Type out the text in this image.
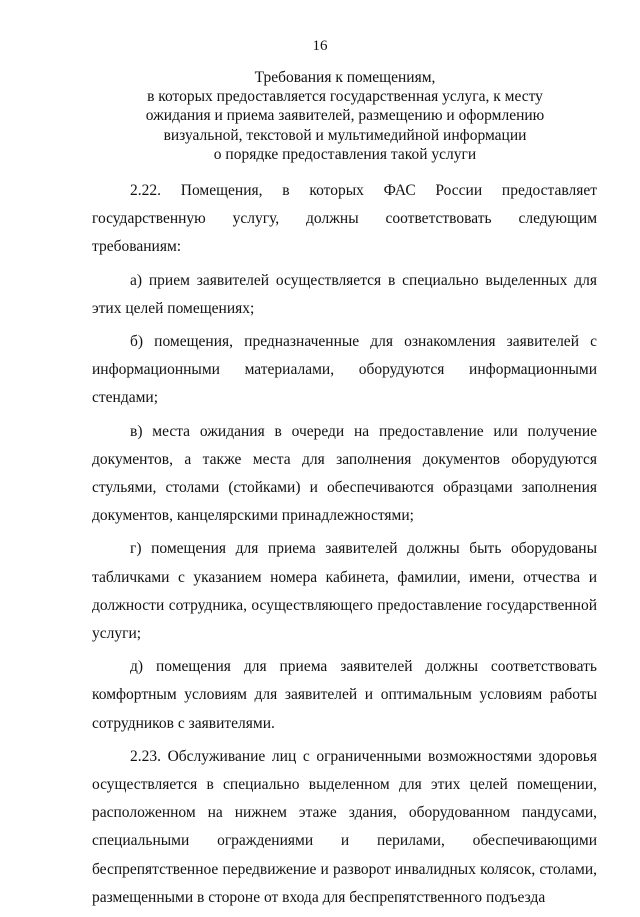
16
Требования к помещениям,
в которых предоставляется государственная услуга, к месту
ожидания и приема заявителей, размещению и оформлению
визуальной, текстовой и мультимедийной информации
о порядке предоставления такой услуги

2.22. Помещения, в которых ФАС России предоставляет государственную услугу, должны соответствовать следующим требованиям:

а) прием заявителей осуществляется в специально выделенных для этих целей помещениях;

б) помещения, предназначенные для ознакомления заявителей с информационными материалами, оборудуются информационными стендами;

в) места ожидания в очереди на предоставление или получение документов, а также места для заполнения документов оборудуются стульями, столами (стойками) и обеспечиваются образцами заполнения документов, канцелярскими принадлежностями;

г) помещения для приема заявителей должны быть оборудованы табличками с указанием номера кабинета, фамилии, имени, отчества и должности сотрудника, осуществляющего предоставление государственной услуги;

д) помещения для приема заявителей должны соответствовать комфортным условиям для заявителей и оптимальным условиям работы сотрудников с заявителями.

2.23. Обслуживание лиц с ограниченными возможностями здоровья осуществляется в специально выделенном для этих целей помещении, расположенном на нижнем этаже здания, оборудованном пандусами, специальными ограждениями и перилами, обеспечивающими беспрепятственное передвижение и разворот инвалидных колясок, столами, размещенными в стороне от входа для беспрепятственного подъезда
